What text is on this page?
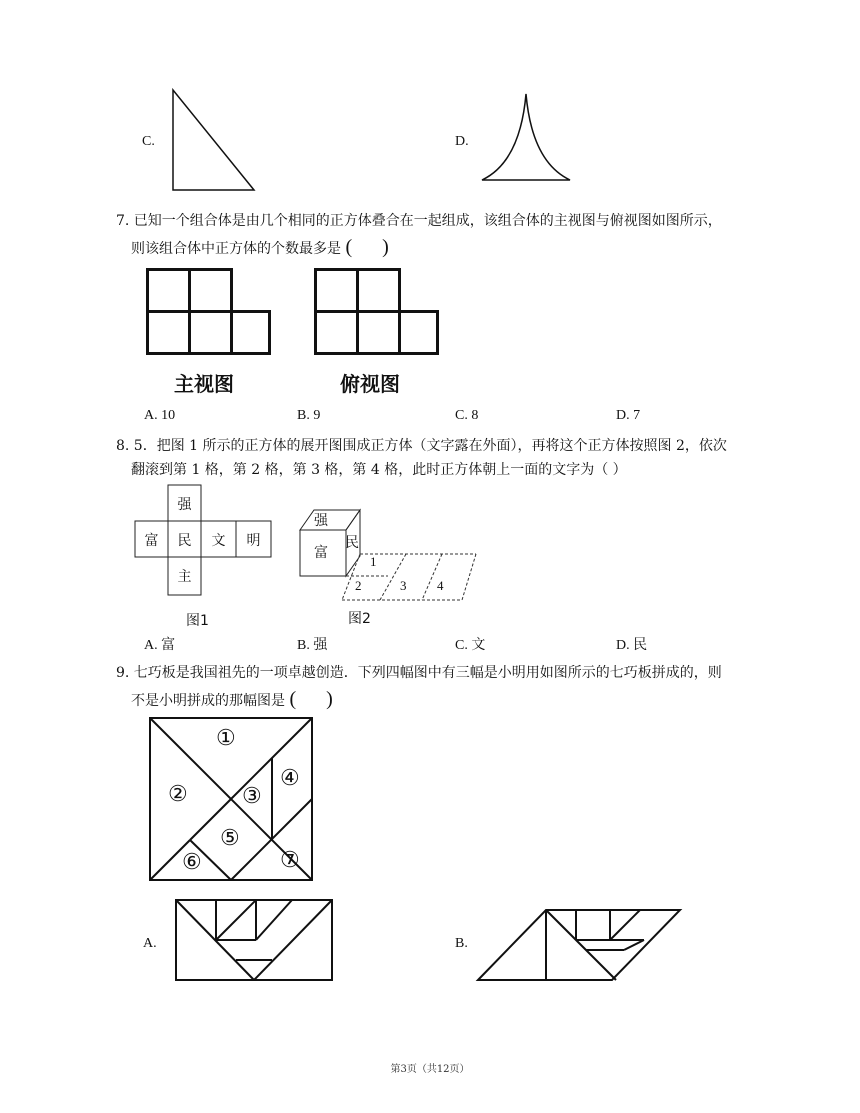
C.	D.
7. 已知一个组合体是由几个相同的正方体叠合在一起组成，该组合体的主视图与俯视图如图所示，
则该组合体中正方体的个数最多是 ( )
主视图	俯视图
A. 10	B. 9	C. 8	D. 7
8. 5．把图 1 所示的正方体的展开图围成正方体（文字露在外面），再将这个正方体按照图 2，依次
翻滚到第 1 格，第 2 格，第 3 格，第 4 格，此时正方体朝上一面的文字为（ ）
强
富	民	文	明
主
图1
强
富
民
1
2	3 4
图2
A. 富	B. 强	C. 文	D. 民
9. 七巧板是我国祖先的一项卓越创造．下列四幅图中有三幅是小明用如图所示的七巧板拼成的，则
不是小明拼成的那幅图是 ( )
①
② ③
④
⑤
⑥	⑦
A.	B.
第3页（共12页）
